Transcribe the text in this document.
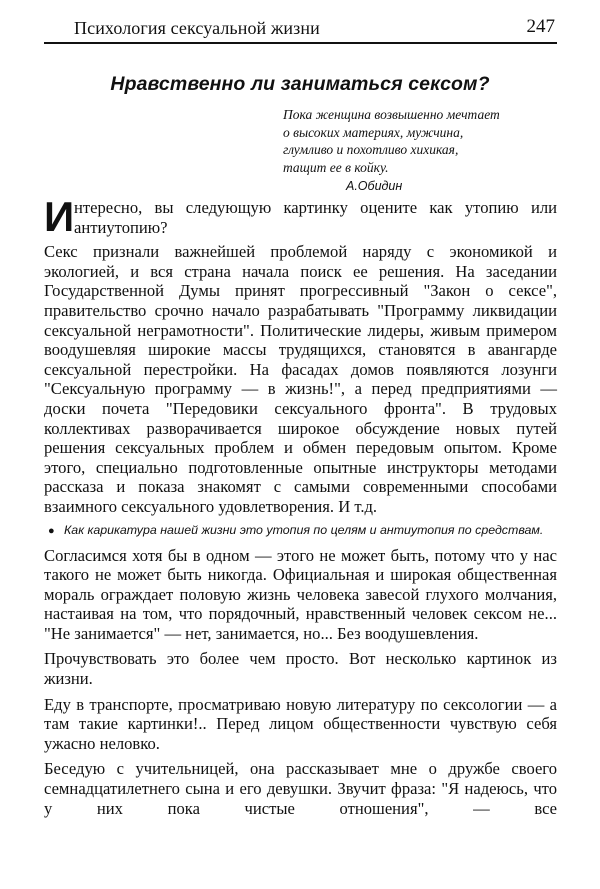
Психология сексуальной жизни	247
Нравственно ли заниматься сексом?
Пока женщина возвышенно мечтает
о высоких материях, мужчина,
глумливо и похотливо хихикая,
тащит ее в койку.
А.Обидин

И нтересно, вы следующую картинку оцените как утопию или антиутопию?

Секс признали важнейшей проблемой наряду с экономикой и экологией, и вся страна начала поиск ее решения. На заседании Государственной Думы принят прогрессивный "Закон о сексе", правительство срочно начало разрабатывать "Программу ликвидации сексуальной неграмотности". Политические лидеры, живым примером воодушевляя широкие массы трудящихся, становятся в авангарде сексуальной перестройки. На фасадах домов появляются лозунги "Сексуальную программу — в жизнь!", а перед предприятиями — доски почета "Передовики сексуального фронта". В трудовых коллективах разворачивается широкое обсуждение новых путей решения сексуальных проблем и обмен передовым опытом. Кроме этого, специально подготовленные опытные инструкторы методами рассказа и показа знакомят с самыми современными способами взаимного сексуального удовлетворения. И т.д.

● Как карикатура нашей жизни это утопия по целям и антиутопия по средствам.

Согласимся хотя бы в одном — этого не может быть, потому что у нас такого не может быть никогда. Официальная и широкая общественная мораль ограждает половую жизнь человека завесой глухого молчания, настаивая на том, что порядочный, нравственный человек сексом не... "Не занимается" — нет, занимается, но... Без воодушевления.

Прочувствовать это более чем просто. Вот несколько картинок из жизни.

Еду в транспорте, просматриваю новую литературу по сексологии — а там такие картинки!.. Перед лицом общественности чувствую себя ужасно неловко.

Беседую с учительницей, она рассказывает мне о дружбе своего семнадцатилетнего сына и его девушки. Звучит фраза: "Я надеюсь, что у них пока чистые отношения", — все
